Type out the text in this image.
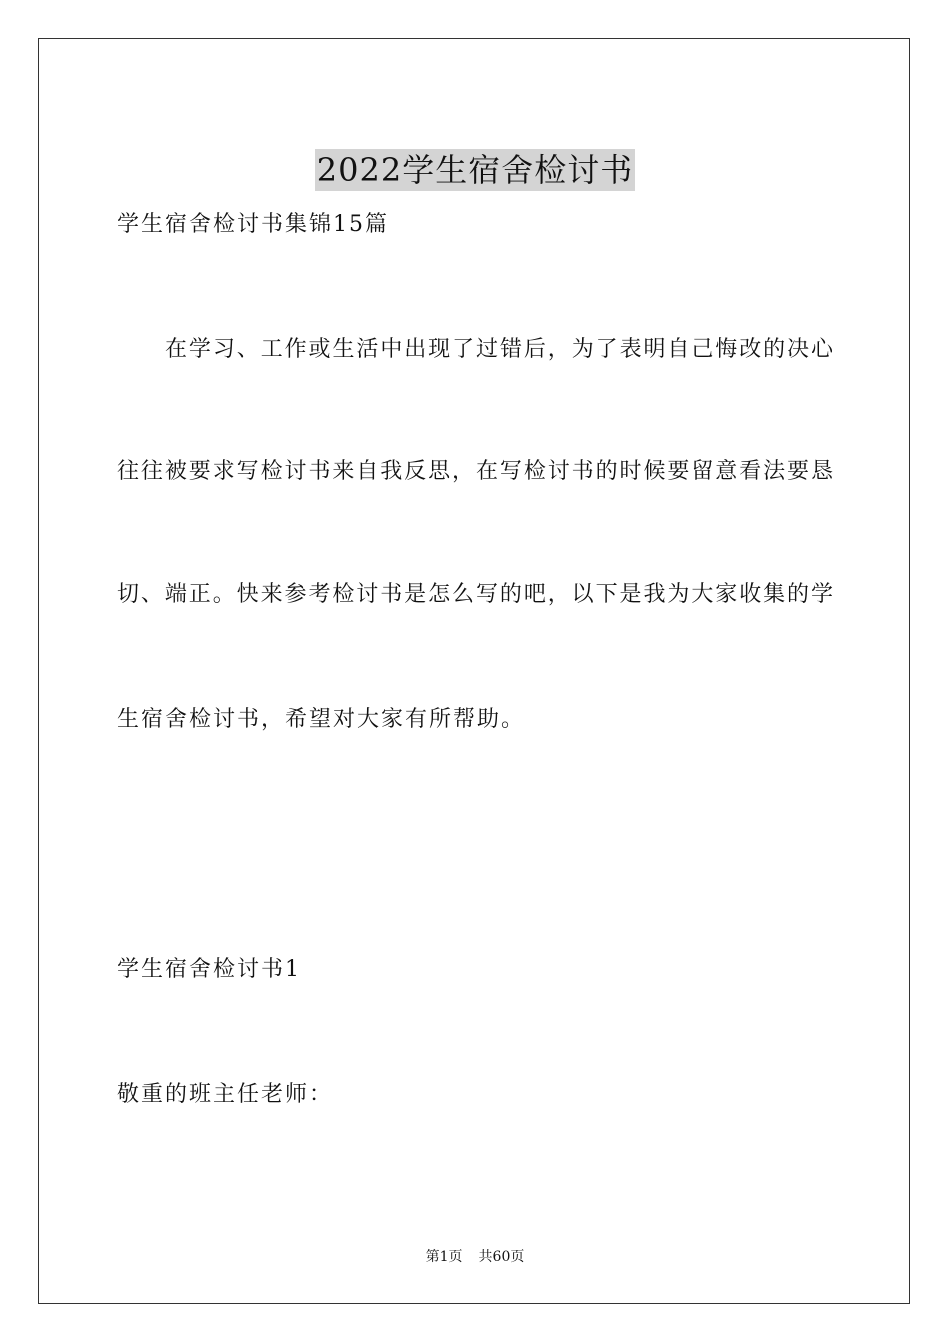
2022学生宿舍检讨书
学生宿舍检讨书集锦15篇
在学习、工作或生活中出现了过错后，为了表明自己悔改的决心
往往被要求写检讨书来自我反思，在写检讨书的时候要留意看法要恳
切、端正。快来参考检讨书是怎么写的吧，以下是我为大家收集的学
生宿舍检讨书，希望对大家有所帮助。
学生宿舍检讨书1
敬重的班主任老师：
第1页 共60页
